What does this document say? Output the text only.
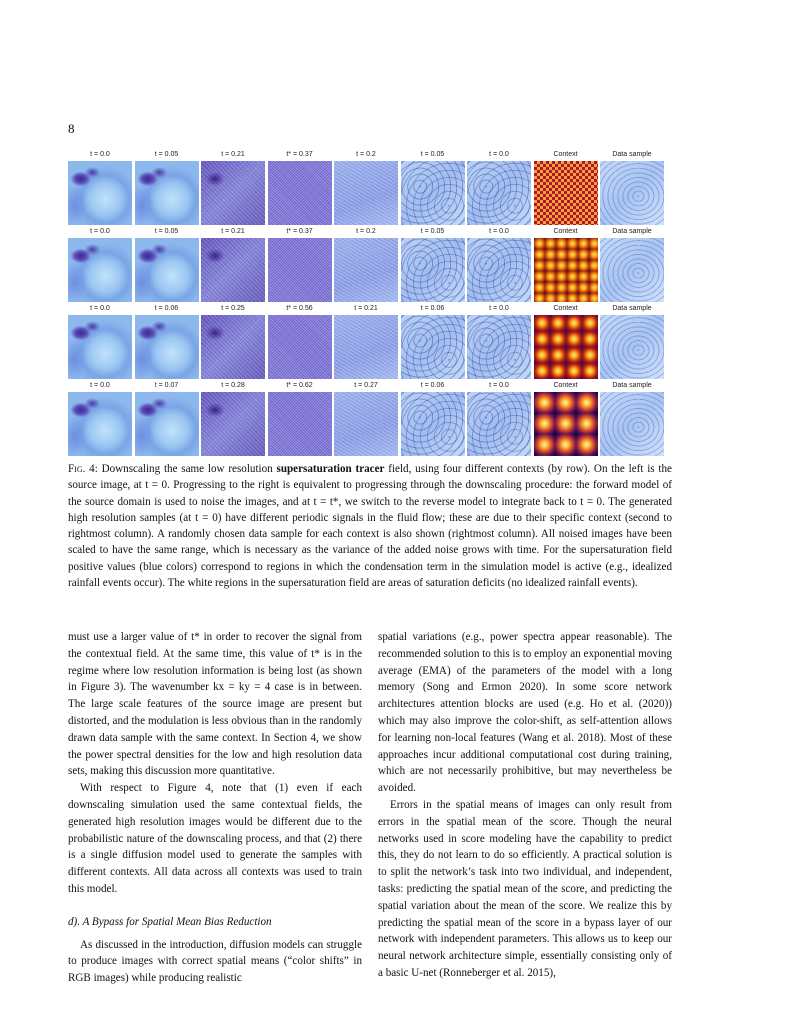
8
t = 0.0	t = 0.05	t = 0.21	t* = 0.37	t = 0.2	t = 0.05	t = 0.0	Context	Data sample
t = 0.0	t = 0.05	t = 0.21	t* = 0.37	t = 0.2	t = 0.05	t = 0.0	Context	Data sample
t = 0.0	t = 0.06	t = 0.25	t* = 0.56	t = 0.21	t = 0.06	t = 0.0	Context	Data sample
t = 0.0	t = 0.07	t = 0.28	t* = 0.62	t = 0.27	t = 0.06	t = 0.0	Context	Data sample
Fig. 4: Downscaling the same low resolution supersaturation tracer field, using four different contexts (by row). On the left is the source image, at t = 0. Progressing to the right is equivalent to progressing through the downscaling procedure: the forward model of the source domain is used to noise the images, and at t = t*, we switch to the reverse model to integrate back to t = 0. The generated high resolution samples (at t = 0) have different periodic signals in the fluid flow; these are due to their specific context (second to rightmost column). A randomly chosen data sample for each context is also shown (rightmost column). All noised images have been scaled to have the same range, which is necessary as the variance of the added noise grows with time. For the supersaturation field positive values (blue colors) correspond to regions in which the condensation term in the simulation model is active (e.g., idealized rainfall events occur). The white regions in the supersaturation field are areas of saturation deficits (no idealized rainfall events).

must use a larger value of t* in order to recover the signal from the contextual field. At the same time, this value of t* is in the regime where low resolution information is being lost (as shown in Figure 3). The wavenumber kx = ky = 4 case is in between. The large scale features of the source image are present but distorted, and the modulation is less obvious than in the randomly drawn data sample with the same context. In Section 4, we show the power spectral densities for the low and high resolution data sets, making this discussion more quantitative.

With respect to Figure 4, note that (1) even if each downscaling simulation used the same contextual fields, the generated high resolution images would be different due to the probabilistic nature of the downscaling process, and that (2) there is a single diffusion model used to generate the samples with different contexts. All data across all contexts was used to train this model.

d). A Bypass for Spatial Mean Bias Reduction

As discussed in the introduction, diffusion models can struggle to produce images with correct spatial means (“color shifts” in RGB images) while producing realistic

spatial variations (e.g., power spectra appear reasonable). The recommended solution to this is to employ an exponential moving average (EMA) of the parameters of the model with a long memory (Song and Ermon 2020). In some score network architectures attention blocks are used (e.g. Ho et al. (2020)) which may also improve the color-shift, as self-attention allows for learning non-local features (Wang et al. 2018). Most of these approaches incur additional computational cost during training, which are not necessarily prohibitive, but may nevertheless be avoided.

Errors in the spatial means of images can only result from errors in the spatial mean of the score. Though the neural networks used in score modeling have the capability to predict this, they do not learn to do so efficiently. A practical solution is to split the network’s task into two individual, and independent, tasks: predicting the spatial mean of the score, and predicting the spatial variation about the mean of the score. We realize this by predicting the spatial mean of the score in a bypass layer of our network with independent parameters. This allows us to keep our neural network architecture simple, essentially consisting only of a basic U-net (Ronneberger et al. 2015),
